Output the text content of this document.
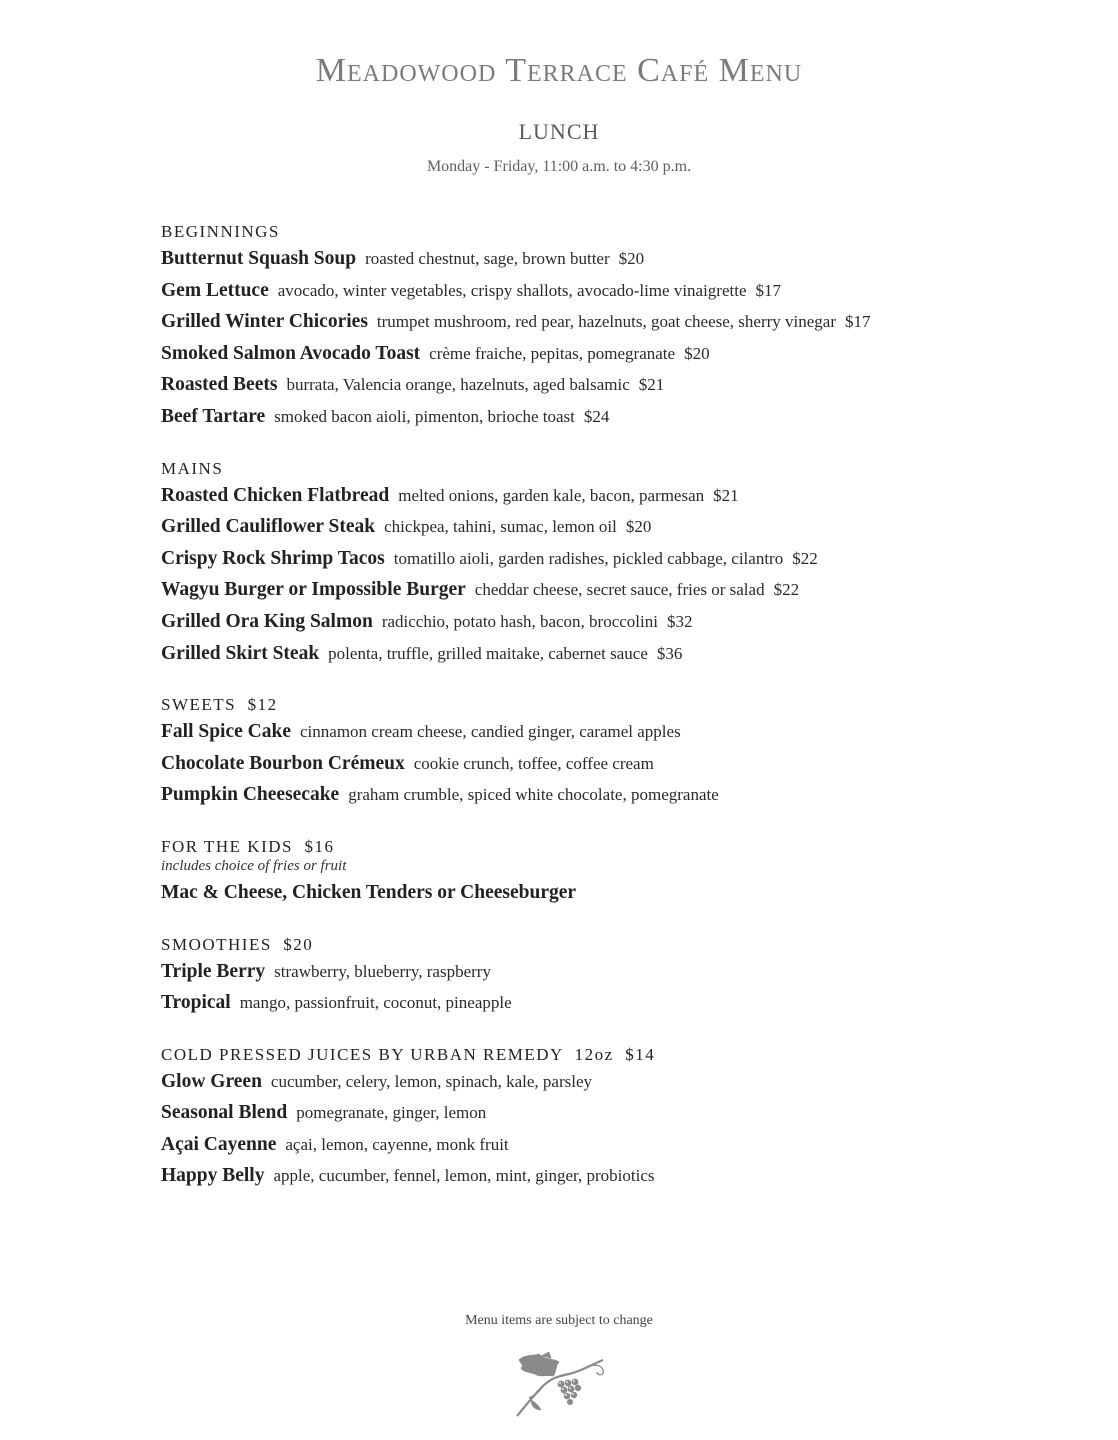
Meadowood Terrace Café Menu
LUNCH
Monday - Friday, 11:00 a.m. to 4:30 p.m.
BEGINNINGS
Butternut Squash Soup roasted chestnut, sage, brown butter $20
Gem Lettuce avocado, winter vegetables, crispy shallots, avocado-lime vinaigrette $17
Grilled Winter Chicories trumpet mushroom, red pear, hazelnuts, goat cheese, sherry vinegar $17
Smoked Salmon Avocado Toast crème fraiche, pepitas, pomegranate $20
Roasted Beets burrata, Valencia orange, hazelnuts, aged balsamic $21
Beef Tartare smoked bacon aioli, pimenton, brioche toast $24
MAINS
Roasted Chicken Flatbread melted onions, garden kale, bacon, parmesan $21
Grilled Cauliflower Steak chickpea, tahini, sumac, lemon oil $20
Crispy Rock Shrimp Tacos tomatillo aioli, garden radishes, pickled cabbage, cilantro $22
Wagyu Burger or Impossible Burger cheddar cheese, secret sauce, fries or salad $22
Grilled Ora King Salmon radicchio, potato hash, bacon, broccolini $32
Grilled Skirt Steak polenta, truffle, grilled maitake, cabernet sauce $36
SWEETS  $12
Fall Spice Cake cinnamon cream cheese, candied ginger, caramel apples
Chocolate Bourbon Crémeux cookie crunch, toffee, coffee cream
Pumpkin Cheesecake graham crumble, spiced white chocolate, pomegranate
FOR THE KIDS  $16
includes choice of fries or fruit
Mac & Cheese, Chicken Tenders or Cheeseburger
SMOOTHIES  $20
Triple Berry strawberry, blueberry, raspberry
Tropical mango, passionfruit, coconut, pineapple
COLD PRESSED JUICES BY URBAN REMEDY  12oz  $14
Glow Green cucumber, celery, lemon, spinach, kale, parsley
Seasonal Blend pomegranate, ginger, lemon
Açai Cayenne açai, lemon, cayenne, monk fruit
Happy Belly apple, cucumber, fennel, lemon, mint, ginger, probiotics
Menu items are subject to change
